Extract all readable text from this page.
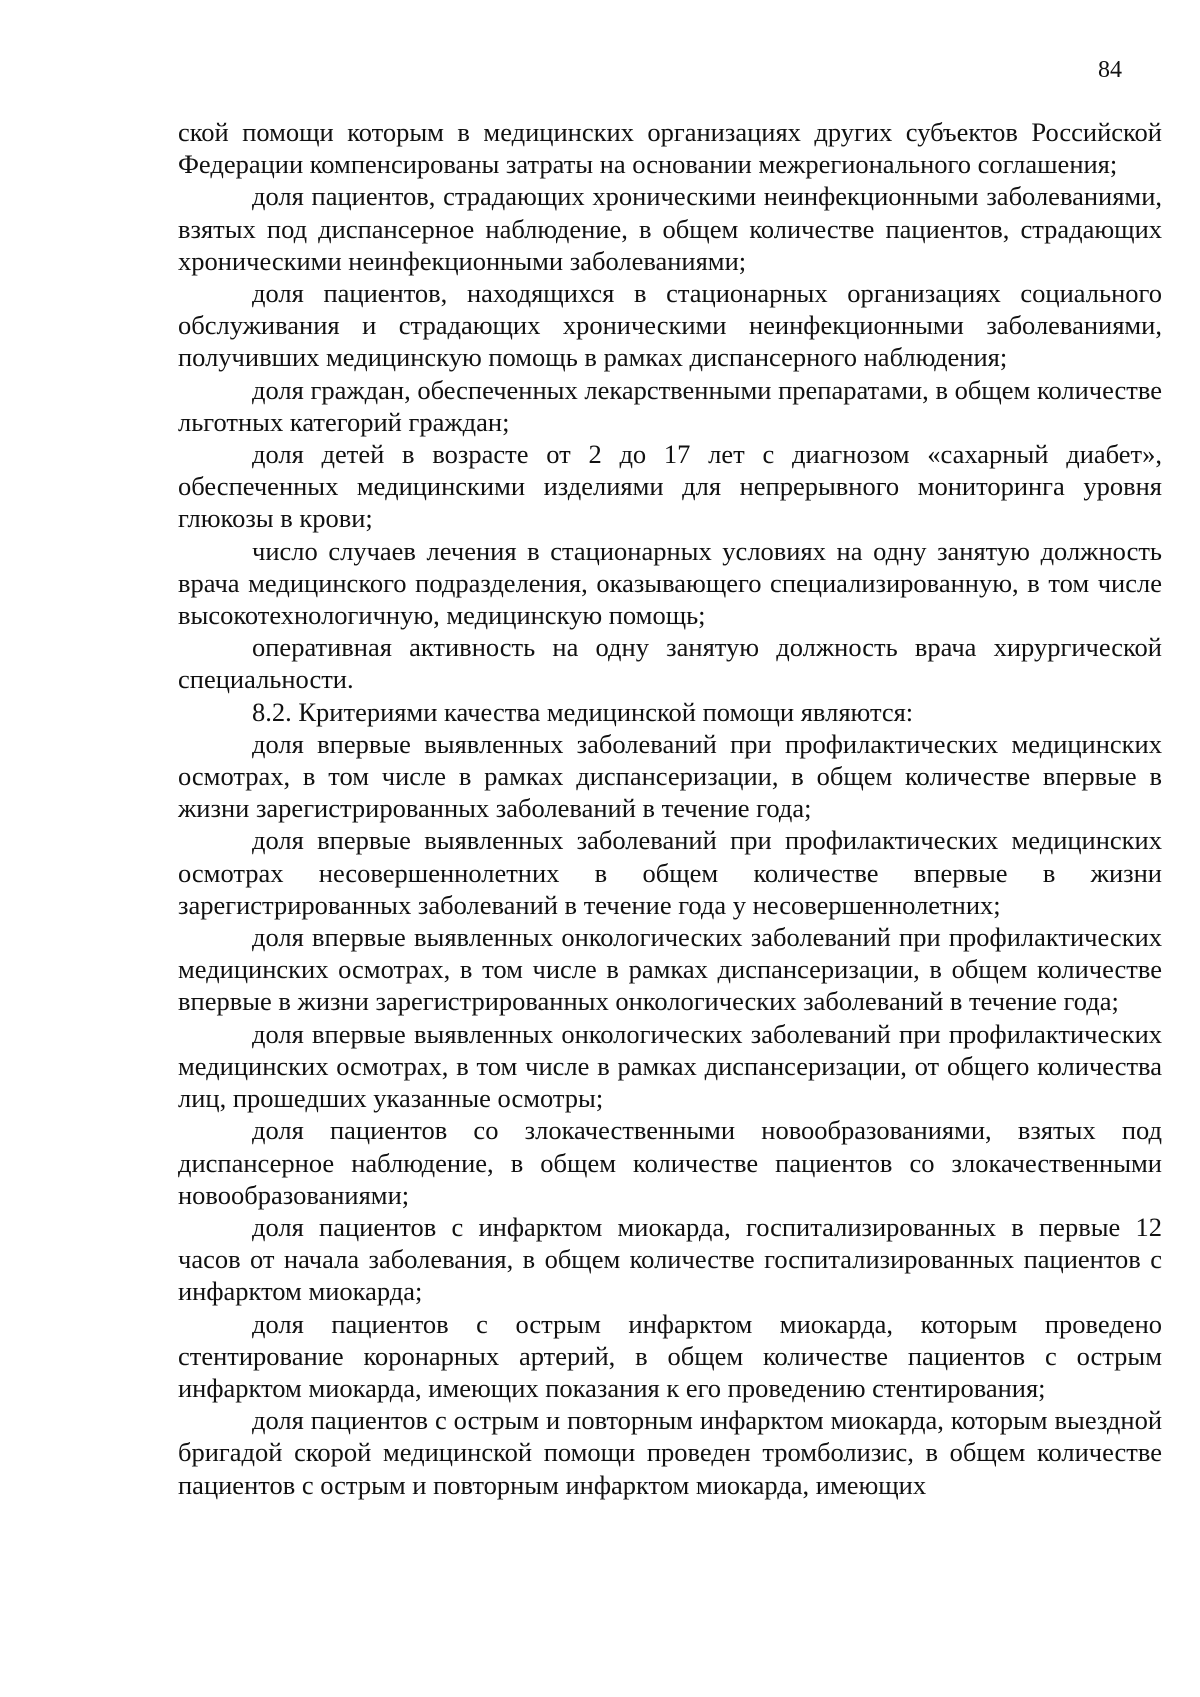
84

ской помощи которым в медицинских организациях других субъектов Российской Федерации компенсированы затраты на основании межрегионального соглашения;

доля пациентов, страдающих хроническими неинфекционными заболеваниями, взятых под диспансерное наблюдение, в общем количестве пациентов, страдающих хроническими неинфекционными заболеваниями;

доля пациентов, находящихся в стационарных организациях социального обслуживания и страдающих хроническими неинфекционными заболеваниями, получивших медицинскую помощь в рамках диспансерного наблюдения;

доля граждан, обеспеченных лекарственными препаратами, в общем количестве льготных категорий граждан;

доля детей в возрасте от 2 до 17 лет с диагнозом «сахарный диабет», обеспеченных медицинскими изделиями для непрерывного мониторинга уровня глюкозы в крови;

число случаев лечения в стационарных условиях на одну занятую должность врача медицинского подразделения, оказывающего специализированную, в том числе высокотехнологичную, медицинскую помощь;

оперативная активность на одну занятую должность врача хирургической специальности.

8.2. Критериями качества медицинской помощи являются:

доля впервые выявленных заболеваний при профилактических медицинских осмотрах, в том числе в рамках диспансеризации, в общем количестве впервые в жизни зарегистрированных заболеваний в течение года;

доля впервые выявленных заболеваний при профилактических медицинских осмотрах несовершеннолетних в общем количестве впервые в жизни зарегистрированных заболеваний в течение года у несовершеннолетних;

доля впервые выявленных онкологических заболеваний при профилактических медицинских осмотрах, в том числе в рамках диспансеризации, в общем количестве впервые в жизни зарегистрированных онкологических заболеваний в течение года;

доля впервые выявленных онкологических заболеваний при профилактических медицинских осмотрах, в том числе в рамках диспансеризации, от общего количества лиц, прошедших указанные осмотры;

доля пациентов со злокачественными новообразованиями, взятых под диспансерное наблюдение, в общем количестве пациентов со злокачественными новообразованиями;

доля пациентов с инфарктом миокарда, госпитализированных в первые 12 часов от начала заболевания, в общем количестве госпитализированных пациентов с инфарктом миокарда;

доля пациентов с острым инфарктом миокарда, которым проведено стентирование коронарных артерий, в общем количестве пациентов с острым инфарктом миокарда, имеющих показания к его проведению стентирования;

доля пациентов с острым и повторным инфарктом миокарда, которым выездной бригадой скорой медицинской помощи проведен тромболизис, в общем количестве пациентов с острым и повторным инфарктом миокарда, имеющих
